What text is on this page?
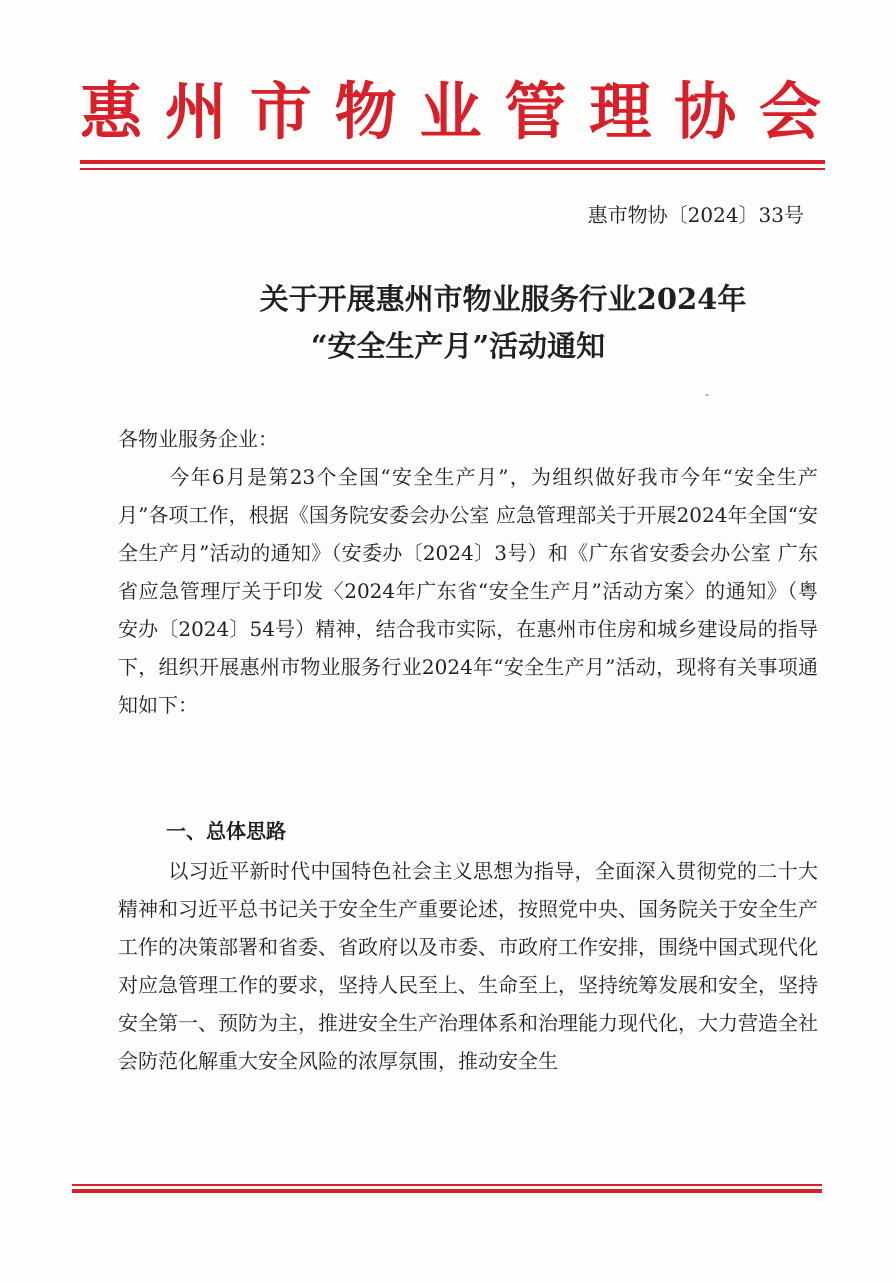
惠州市物业管理协会
惠市物协〔2024〕33号
关于开展惠州市物业服务行业2024年
“安全生产月”活动通知
各物业服务企业：
今年6月是第23个全国“安全生产月”，为组织做好我市今年“安全生产月”各项工作，根据《国务院安委会办公室 应急管理部关于开展2024年全国“安全生产月”活动的通知》（安委办〔2024〕3号）和《广东省安委会办公室 广东省应急管理厅关于印发〈2024年广东省“安全生产月”活动方案〉的通知》（粤安办〔2024〕54号）精神，结合我市实际，在惠州市住房和城乡建设局的指导下，组织开展惠州市物业服务行业2024年“安全生产月”活动，现将有关事项通知如下：
一、总体思路
以习近平新时代中国特色社会主义思想为指导，全面深入贯彻党的二十大精神和习近平总书记关于安全生产重要论述，按照党中央、国务院关于安全生产工作的决策部署和省委、省政府以及市委、市政府工作安排，围绕中国式现代化对应急管理工作的要求，坚持人民至上、生命至上，坚持统筹发展和安全，坚持安全第一、预防为主，推进安全生产治理体系和治理能力现代化，大力营造全社会防范化解重大安全风险的浓厚氛围，推动安全生
